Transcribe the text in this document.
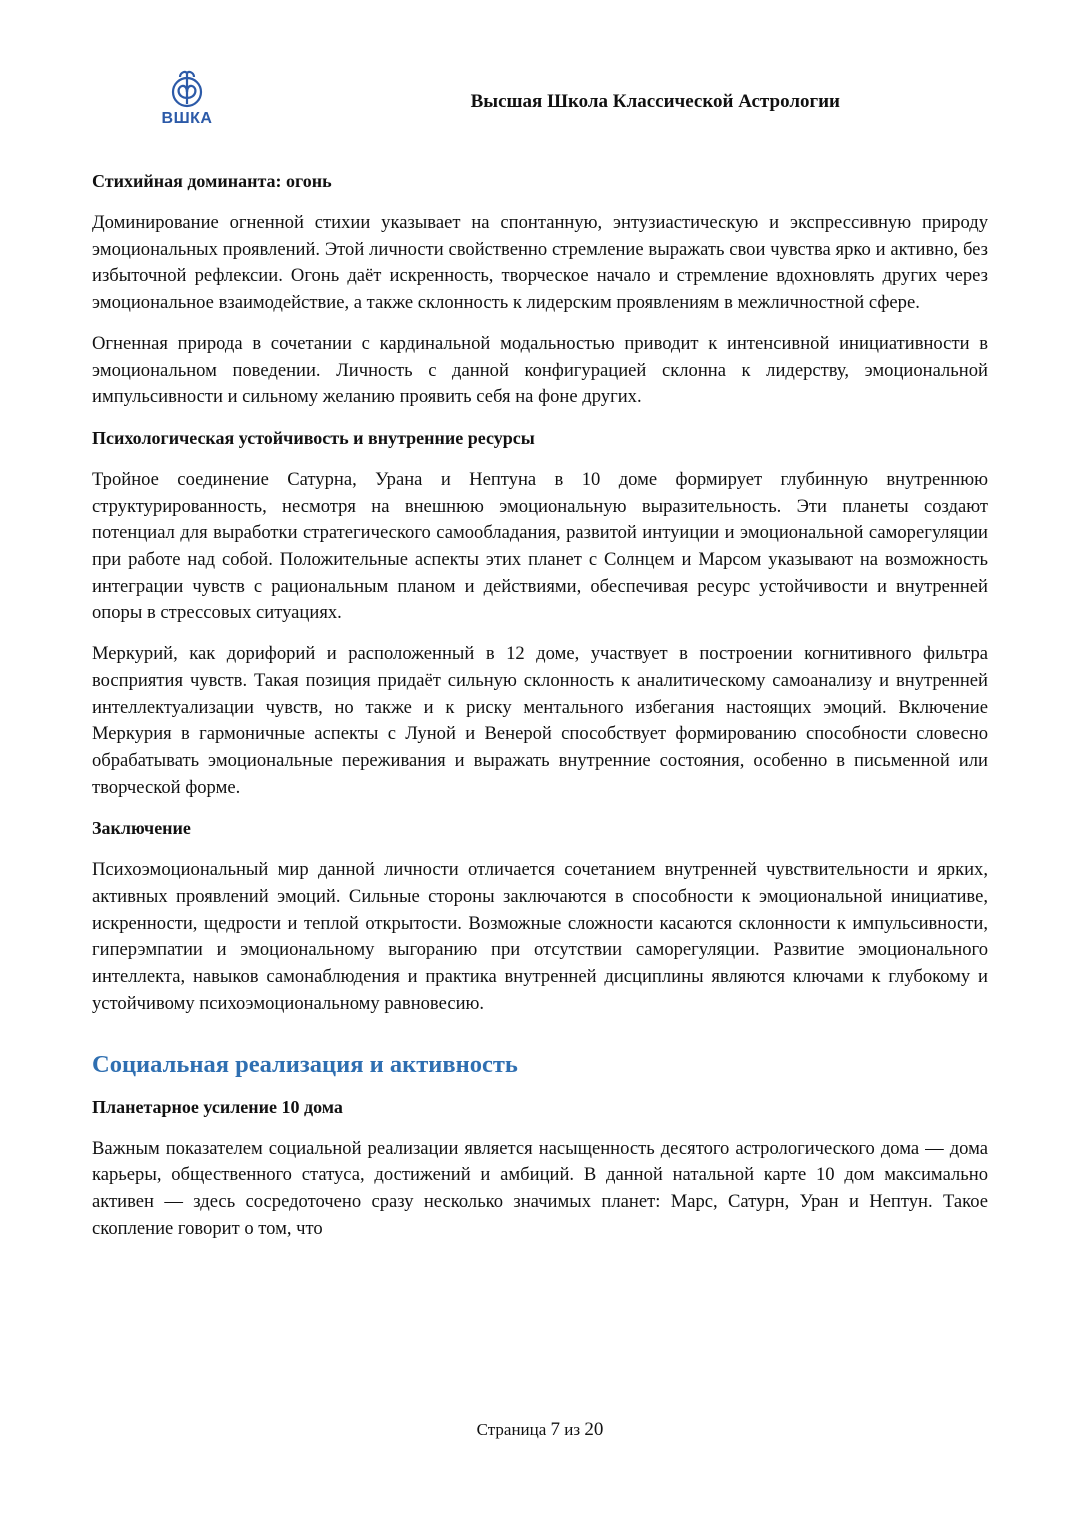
ВШКА
Высшая Школа Классической Астрологии
Стихийная доминанта: огонь

Доминирование огненной стихии указывает на спонтанную, энтузиастическую и экспрессивную природу эмоциональных проявлений. Этой личности свойственно стремление выражать свои чувства ярко и активно, без избыточной рефлексии. Огонь даёт искренность, творческое начало и стремление вдохновлять других через эмоциональное взаимодействие, а также склонность к лидерским проявлениям в межличностной сфере.

Огненная природа в сочетании с кардинальной модальностью приводит к интенсивной инициативности в эмоциональном поведении. Личность с данной конфигурацией склонна к лидерству, эмоциональной импульсивности и сильному желанию проявить себя на фоне других.

Психологическая устойчивость и внутренние ресурсы

Тройное соединение Сатурна, Урана и Нептуна в 10 доме формирует глубинную внутреннюю структурированность, несмотря на внешнюю эмоциональную выразительность. Эти планеты создают потенциал для выработки стратегического самообладания, развитой интуиции и эмоциональной саморегуляции при работе над собой. Положительные аспекты этих планет с Солнцем и Марсом указывают на возможность интеграции чувств с рациональным планом и действиями, обеспечивая ресурс устойчивости и внутренней опоры в стрессовых ситуациях.

Меркурий, как дорифорий и расположенный в 12 доме, участвует в построении когнитивного фильтра восприятия чувств. Такая позиция придаёт сильную склонность к аналитическому самоанализу и внутренней интеллектуализации чувств, но также и к риску ментального избегания настоящих эмоций. Включение Меркурия в гармоничные аспекты с Луной и Венерой способствует формированию способности словесно обрабатывать эмоциональные переживания и выражать внутренние состояния, особенно в письменной или творческой форме.

Заключение

Психоэмоциональный мир данной личности отличается сочетанием внутренней чувствительности и ярких, активных проявлений эмоций. Сильные стороны заключаются в способности к эмоциональной инициативе, искренности, щедрости и теплой открытости. Возможные сложности касаются склонности к импульсивности, гиперэмпатии и эмоциональному выгоранию при отсутствии саморегуляции. Развитие эмоционального интеллекта, навыков самонаблюдения и практика внутренней дисциплины являются ключами к глубокому и устойчивому психоэмоциональному равновесию.

Социальная реализация и активность
Планетарное усиление 10 дома

Важным показателем социальной реализации является насыщенность десятого астрологического дома — дома карьеры, общественного статуса, достижений и амбиций. В данной натальной карте 10 дом максимально активен — здесь сосредоточено сразу несколько значимых планет: Марс, Сатурн, Уран и Нептун. Такое скопление говорит о том, что

Страница 7 из 20
